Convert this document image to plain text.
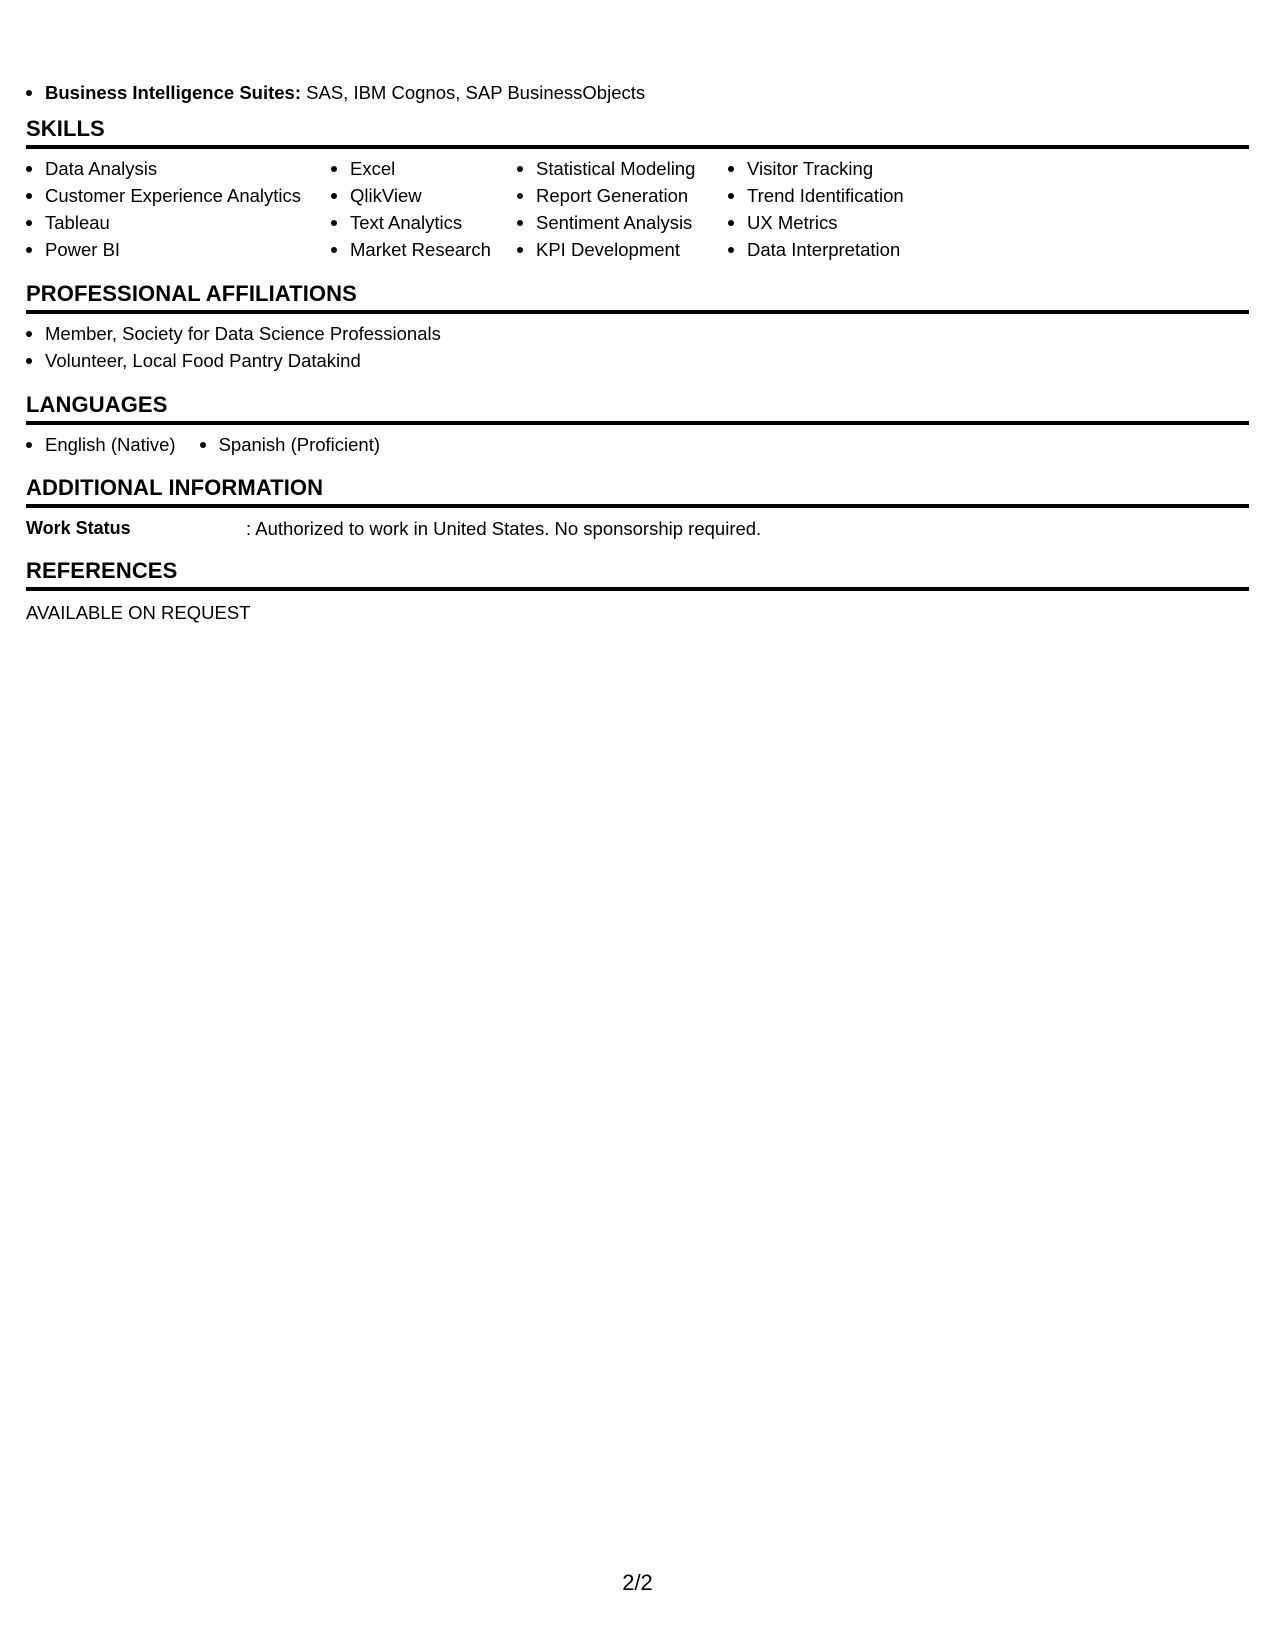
Business Intelligence Suites: SAS, IBM Cognos, SAP BusinessObjects
SKILLS
Data Analysis
Customer Experience Analytics
Tableau
Power BI
Excel
QlikView
Text Analytics
Market Research
Statistical Modeling
Report Generation
Sentiment Analysis
KPI Development
Visitor Tracking
Trend Identification
UX Metrics
Data Interpretation
PROFESSIONAL AFFILIATIONS
Member, Society for Data Science Professionals
Volunteer, Local Food Pantry Datakind
LANGUAGES
English (Native)	Spanish (Proficient)
ADDITIONAL INFORMATION
Work Status	: Authorized to work in United States. No sponsorship required.
REFERENCES
AVAILABLE ON REQUEST
2/2
